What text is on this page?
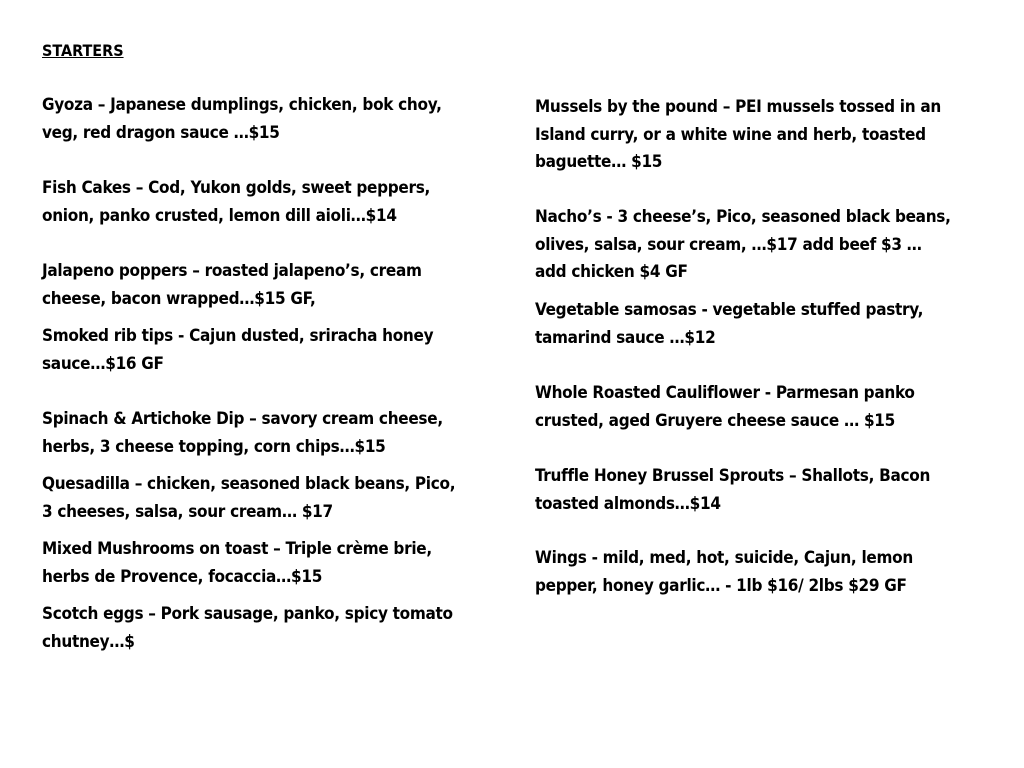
STARTERS

Gyoza – Japanese dumplings, chicken, bok choy,
veg, red dragon sauce …$15

Fish Cakes – Cod, Yukon golds, sweet peppers,
onion, panko crusted, lemon dill aioli…$14

Jalapeno poppers – roasted jalapeno’s, cream
cheese, bacon wrapped…$15 GF,

Smoked rib tips - Cajun dusted, sriracha honey
sauce…$16 GF

Spinach & Artichoke Dip – savory cream cheese,
herbs, 3 cheese topping, corn chips…$15

Quesadilla – chicken, seasoned black beans, Pico,
3 cheeses, salsa, sour cream… $17

Mixed Mushrooms on toast – Triple crème brie,
herbs de Provence, focaccia…$15

Scotch eggs – Pork sausage, panko, spicy tomato
chutney…$

Mussels by the pound – PEI mussels tossed in an
Island curry, or a white wine and herb, toasted
baguette… $15

Nacho’s - 3 cheese’s, Pico, seasoned black beans,
olives, salsa, sour cream, …$17 add beef $3 …
add chicken $4 GF

Vegetable samosas - vegetable stuffed pastry,
tamarind sauce …$12

Whole Roasted Cauliflower - Parmesan panko
crusted, aged Gruyere cheese sauce … $15

Truffle Honey Brussel Sprouts – Shallots, Bacon
toasted almonds…$14

Wings - mild, med, hot, suicide, Cajun, lemon
pepper, honey garlic… - 1lb $16/ 2lbs $29 GF
